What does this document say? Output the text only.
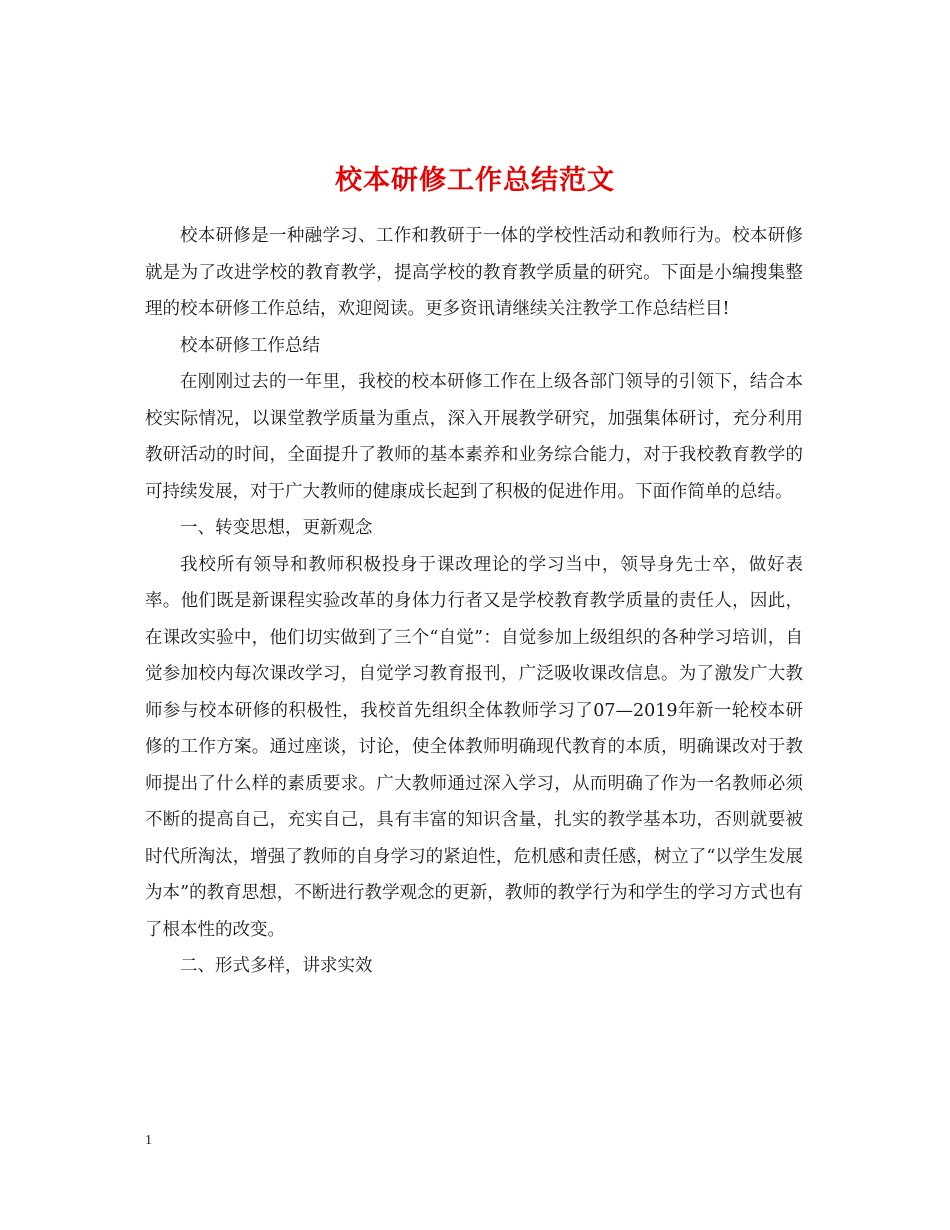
校本研修工作总结范文

校本研修是一种融学习、工作和教研于一体的学校性活动和教师行为。校本研修就是为了改进学校的教育教学，提高学校的教育教学质量的研究。下面是小编搜集整理的校本研修工作总结，欢迎阅读。更多资讯请继续关注教学工作总结栏目!

校本研修工作总结

在刚刚过去的一年里，我校的校本研修工作在上级各部门领导的引领下，结合本校实际情况，以课堂教学质量为重点，深入开展教学研究，加强集体研讨，充分利用教研活动的时间，全面提升了教师的基本素养和业务综合能力，对于我校教育教学的可持续发展，对于广大教师的健康成长起到了积极的促进作用。下面作简单的总结。

一、转变思想，更新观念

我校所有领导和教师积极投身于课改理论的学习当中，领导身先士卒，做好表率。他们既是新课程实验改革的身体力行者又是学校教育教学质量的责任人，因此，在课改实验中，他们切实做到了三个“自觉”：自觉参加上级组织的各种学习培训，自觉参加校内每次课改学习，自觉学习教育报刊，广泛吸收课改信息。为了激发广大教师参与校本研修的积极性，我校首先组织全体教师学习了07—2019年新一轮校本研修的工作方案。通过座谈，讨论，使全体教师明确现代教育的本质，明确课改对于教师提出了什么样的素质要求。广大教师通过深入学习，从而明确了作为一名教师必须不断的提高自己，充实自己，具有丰富的知识含量，扎实的教学基本功，否则就要被时代所淘汰，增强了教师的自身学习的紧迫性，危机感和责任感，树立了“以学生发展为本”的教育思想，不断进行教学观念的更新，教师的教学行为和学生的学习方式也有了根本性的改变。

二、形式多样，讲求实效

1
